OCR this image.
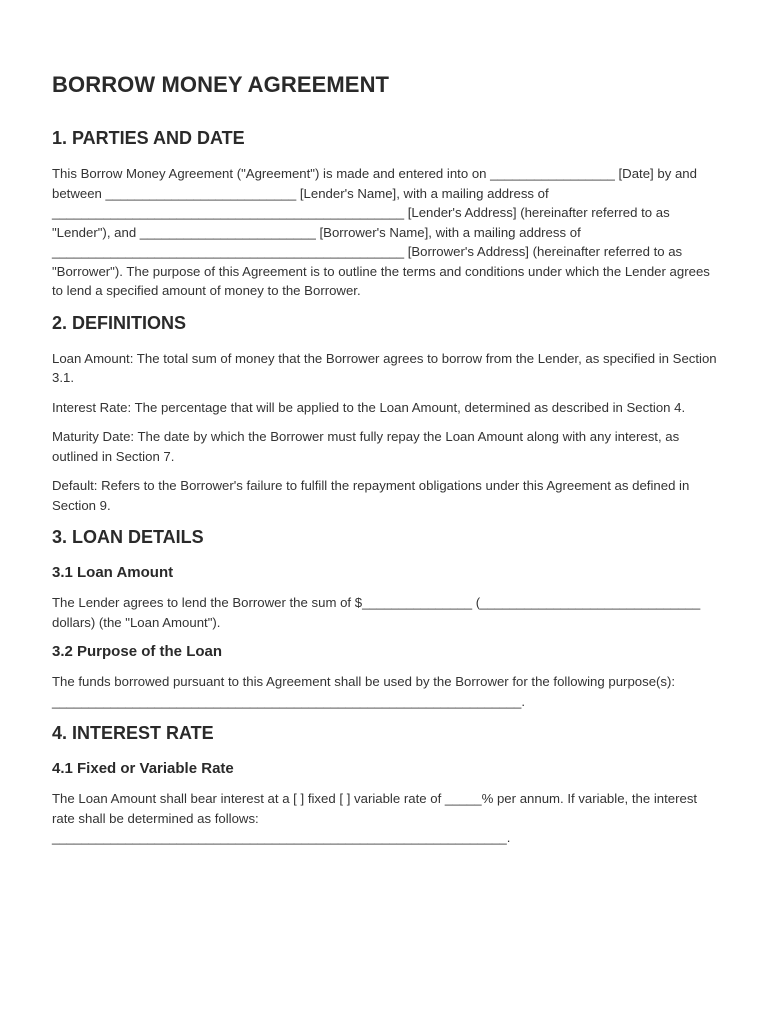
BORROW MONEY AGREEMENT
1. PARTIES AND DATE

This Borrow Money Agreement ("Agreement") is made and entered into on _________________ [Date] by and between __________________________ [Lender's Name], with a mailing address of ________________________________________________ [Lender's Address] (hereinafter referred to as "Lender"), and ________________________ [Borrower's Name], with a mailing address of ________________________________________________ [Borrower's Address] (hereinafter referred to as "Borrower"). The purpose of this Agreement is to outline the terms and conditions under which the Lender agrees to lend a specified amount of money to the Borrower.

2. DEFINITIONS

Loan Amount: The total sum of money that the Borrower agrees to borrow from the Lender, as specified in Section 3.1.

Interest Rate: The percentage that will be applied to the Loan Amount, determined as described in Section 4.

Maturity Date: The date by which the Borrower must fully repay the Loan Amount along with any interest, as outlined in Section 7.

Default: Refers to the Borrower's failure to fulfill the repayment obligations under this Agreement as defined in Section 9.

3. LOAN DETAILS
3.1 Loan Amount

The Lender agrees to lend the Borrower the sum of $_______________ (______________________________ dollars) (the "Loan Amount").

3.2 Purpose of the Loan

The funds borrowed pursuant to this Agreement shall be used by the Borrower for the following purpose(s): ________________________________________________________________.

4. INTEREST RATE
4.1 Fixed or Variable Rate

The Loan Amount shall bear interest at a [ ] fixed [ ] variable rate of _____% per annum. If variable, the interest rate shall be determined as follows: ______________________________________________________________.
